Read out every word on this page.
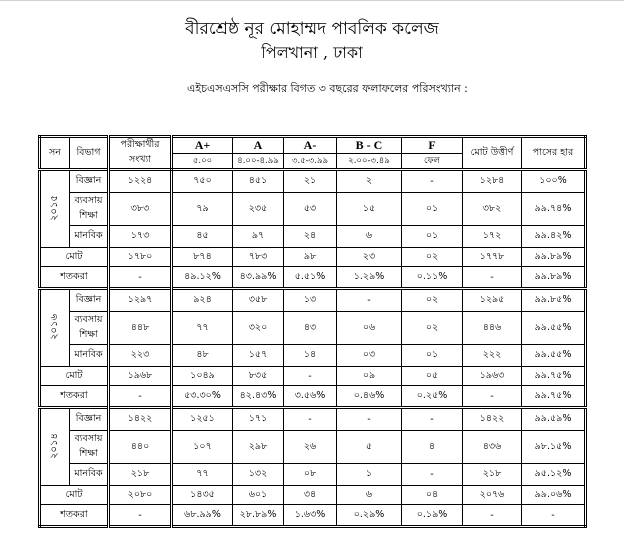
বীরশ্রেষ্ঠ নূর মোহাম্মদ পাবলিক কলেজ
পিলখানা , ঢাকা
এইচএসএসসি পরীক্ষার বিগত ৩ বছরের ফলাফলের পরিসংখ্যান :
সন	বিভাগ	পরীক্ষার্থীর সংখ্যা	A+	A	A-	B - C	F	মোট উত্তীর্ণ	পাসের হার
			৫.০০	৪.০০-৪.৯৯	৩.৫-৩.৯৯	২.০০-৩.৪৯	ফেল		
২০১৫	বিজ্ঞান	১২২৪	৭৫০	৪৫১	২১	২	-	১২৮৪	১০০%
	ব্যবসায় শিক্ষা	৩৮৩	৭৯	২৩৫	৫৩	১৫	০১	৩৮২	৯৯.৭৪%
	মানবিক	১৭৩	৪৫	৯৭	২৪	৬	০১	১৭২	৯৯.৪২%
মোট		১৭৮০	৮৭৪	৭৮৩	৯৮	২৩	০২	১৭৭৮	৯৯.৮৯%
শতকরা		-	৪৯.১২%	৪৩.৯৯%	৫.৫১%	১.২৯%	০.১১%	-	৯৯.৮৯%
২০১৬	বিজ্ঞান	১২৯৭	৯২৪	৩৫৮	১৩	-	০২	১২৯৫	৯৯.৮৫%
	ব্যবসায় শিক্ষা	৪৪৮	৭৭	৩২০	৪৩	০৬	০২	৪৪৬	৯৯.৫৫%
	মানবিক	২২৩	৪৮	১৫৭	১৪	০৩	০১	২২২	৯৯.৫৫%
মোট		১৯৬৮	১০৪৯	৮৩৫	-	০৯	০৫	১৯৬৩	৯৯.৭৫%
শতকরা		-	৫৩.৩০%	৪২.৪৩%	৩.৫৬%	০.৪৬%	০.২৫%	-	৯৯.৭৫%
২০১৪	বিজ্ঞান	১৪২২	১২৫১	১৭১	-	-	-	১৪২২	৯৯.৫৯%
	ব্যবসায় শিক্ষা	৪৪০	১০৭	২৯৮	২৬	৫	৪	৪৩৬	৯৮.১৫%
	মানবিক	২১৮	৭৭	১৩২	০৮	১	-	২১৮	৯৫.১২%
মোট		২০৮০	১৪৩৫	৬০১	৩৪	৬	০৪	২০৭৬	৯৯.০৬%
শতকরা		-	৬৮.৯৯%	২৮.৮৯%	১.৬৩%	০.২৯%	০.১৯%	-	-
